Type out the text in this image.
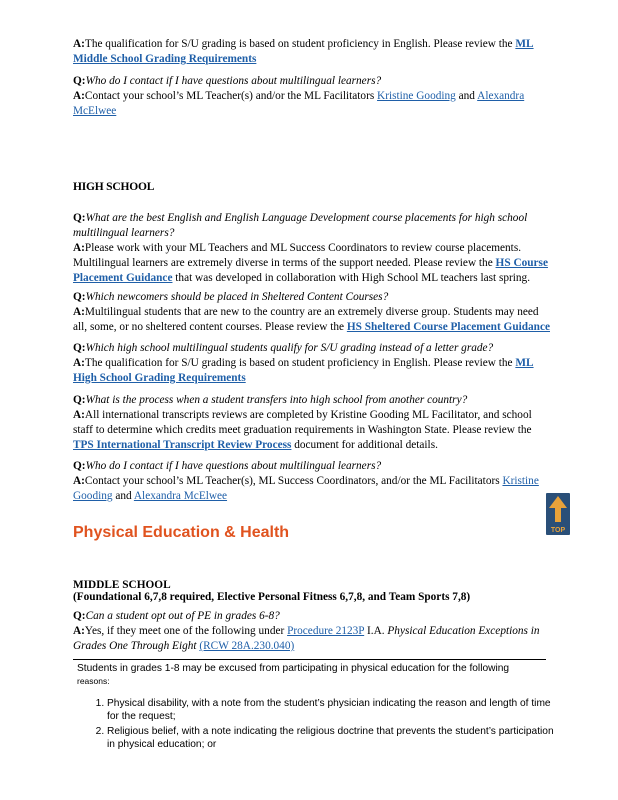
A:The qualification for S/U grading is based on student proficiency in English. Please review the ML Middle School Grading Requirements

Q:Who do I contact if I have questions about multilingual learners?
A:Contact your school’s ML Teacher(s) and/or the ML Facilitators Kristine Gooding and Alexandra McElwee

HIGH SCHOOL

Q:What are the best English and English Language Development course placements for high school multilingual learners?
A:Please work with your ML Teachers and ML Success Coordinators to review course placements. Multilingual learners are extremely diverse in terms of the support needed. Please review the HS Course Placement Guidance that was developed in collaboration with High School ML teachers last spring.

Q:Which newcomers should be placed in Sheltered Content Courses?
A:Multilingual students that are new to the country are an extremely diverse group. Students may need all, some, or no sheltered content courses. Please review the HS Sheltered Course Placement Guidance

Q:Which high school multilingual students qualify for S/U grading instead of a letter grade?
A:The qualification for S/U grading is based on student proficiency in English. Please review the ML High School Grading Requirements

Q:What is the process when a student transfers into high school from another country?
A:All international transcripts reviews are completed by Kristine Gooding ML Facilitator, and school staff to determine which credits meet graduation requirements in Washington State. Please review the TPS International Transcript Review Process document for additional details.

Q:Who do I contact if I have questions about multilingual learners?
A:Contact your school’s ML Teacher(s), ML Success Coordinators, and/or the ML Facilitators Kristine Gooding and Alexandra McElwee

TOP
Physical Education & Health
MIDDLE SCHOOL
(Foundational 6,7,8 required, Elective Personal Fitness 6,7,8, and Team Sports 7,8)

Q:Can a student opt out of PE in grades 6-8?
A:Yes, if they meet one of the following under Procedure 2123P I.A. Physical Education Exceptions in Grades One Through Eight (RCW 28A.230.040)

Students in grades 1-8 may be excused from participating in physical education for the following
reasons:
1. Physical disability, with a note from the student’s physician indicating the reason and length of time for the request;
2. Religious belief, with a note indicating the religious doctrine that prevents the student’s participation in physical education; or
